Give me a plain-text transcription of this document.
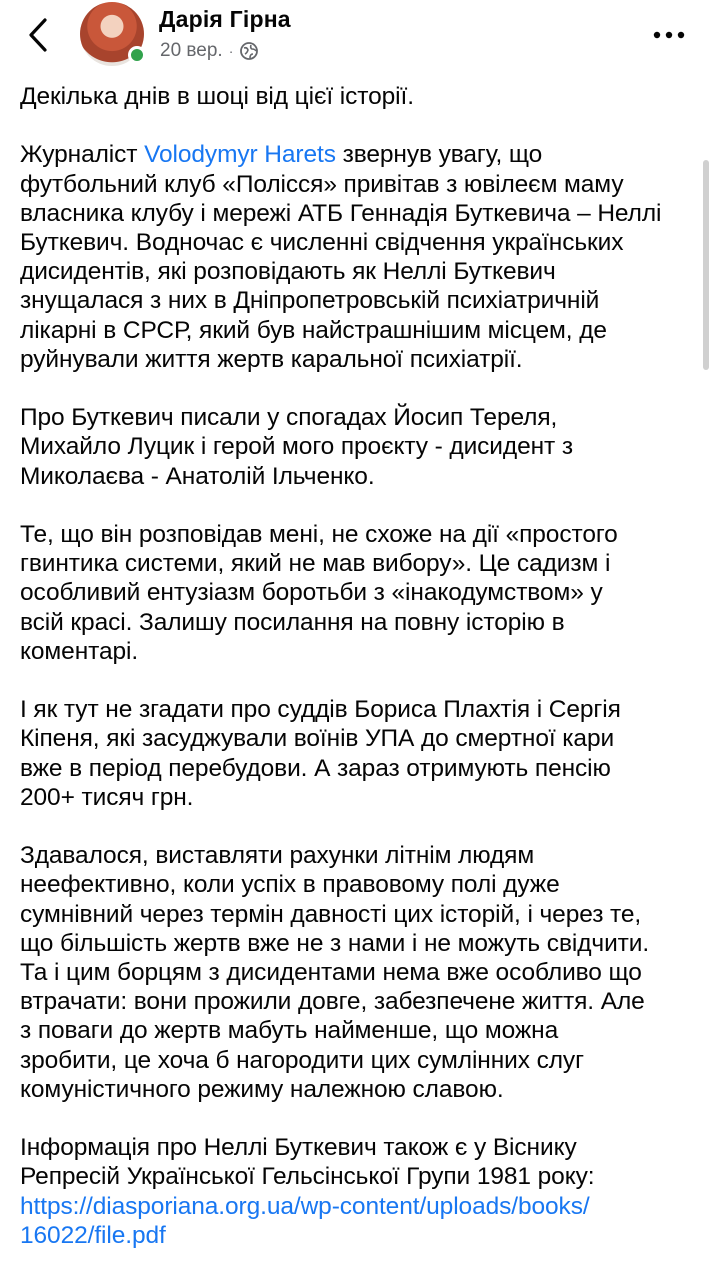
Дарія Гірна
20 вер. ·

Декілька днів в шоці від цієї історії.

Журналіст Volodymyr Harets звернув увагу, що
футбольний клуб «Полісся» привітав з ювілеєм маму
власника клубу і мережі АТБ Геннадія Буткевича – Неллі
Буткевич. Водночас є численні свідчення українських
дисидентів, які розповідають як Неллі Буткевич
знущалася з них в Дніпропетровській психіатричній
лікарні в СРСР, який був найстрашнішим місцем, де
руйнували життя жертв каральної психіатрії.

Про Буткевич писали у спогадах Йосип Тереля,
Михайло Луцик і герой мого проєкту - дисидент з
Миколаєва - Анатолій Ільченко.

Те, що він розповідав мені, не схоже на дії «простого
гвинтика системи, який не мав вибору». Це садизм і
особливий ентузіазм боротьби з «інакодумством» у
всій красі. Залишу посилання на повну історію в
коментарі.

І як тут не згадати про суддів Бориса Плахтія і Сергія
Кіпеня, які засуджували воїнів УПА до смертної кари
вже в період перебудови. А зараз отримують пенсію
200+ тисяч грн.

Здавалося, виставляти рахунки літнім людям
неефективно, коли успіх в правовому полі дуже
сумнівний через термін давності цих історій, і через те,
що більшість жертв вже не з нами і не можуть свідчити.
Та і цим борцям з дисидентами нема вже особливо що
втрачати: вони прожили довге, забезпечене життя. Але
з поваги до жертв мабуть найменше, що можна
зробити, це хоча б нагородити цих сумлінних слуг
комуністичного режиму належною славою.

Інформація про Неллі Буткевич також є у Віснику
Репресій Української Гельсінської Групи 1981 року:
https://diasporiana.org.ua/wp-content/uploads/books/
16022/file.pdf
